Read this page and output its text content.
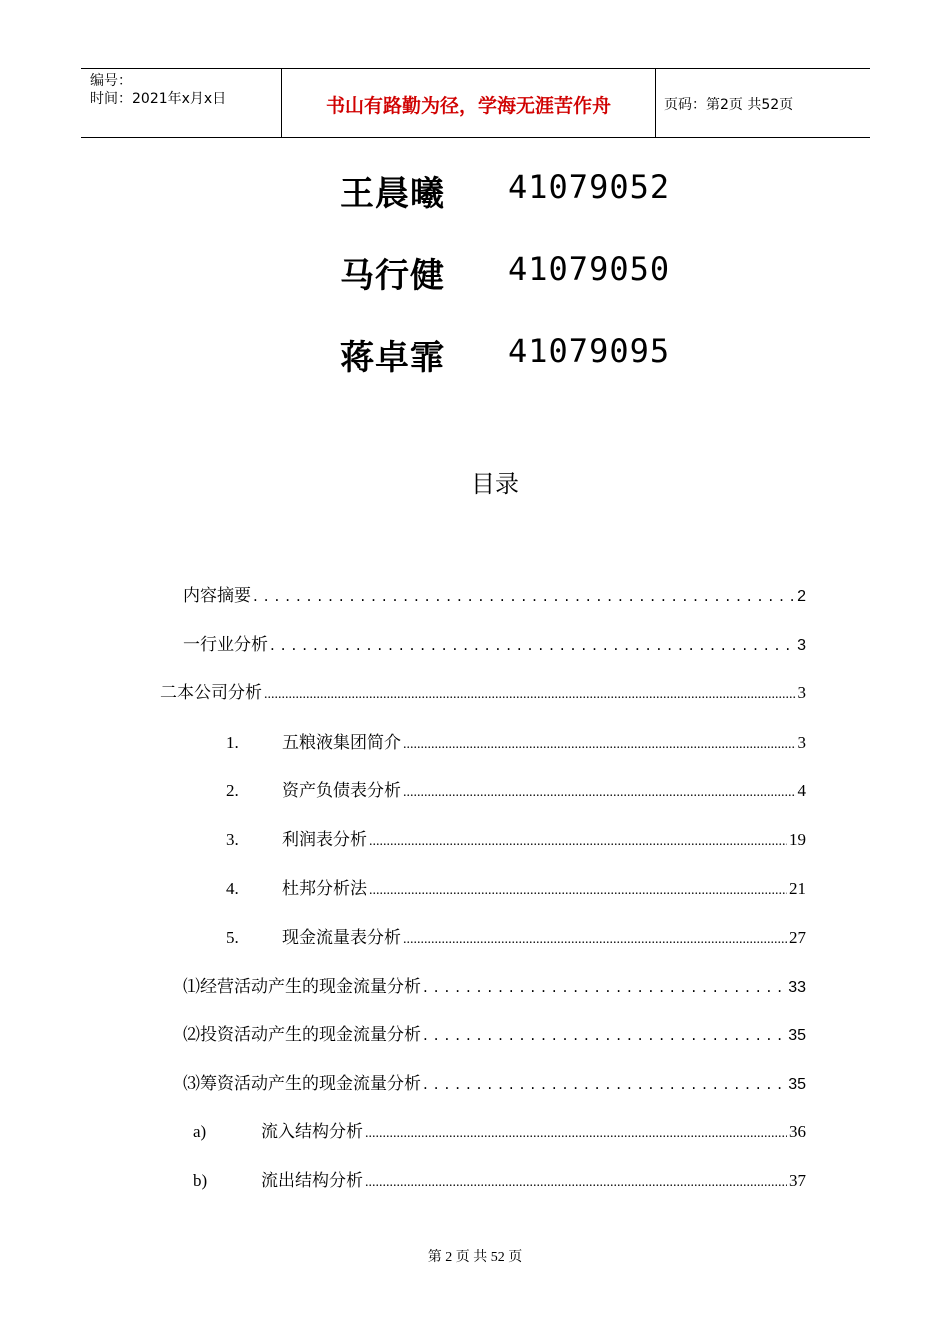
编号：
时间：2021年x月x日	书山有路勤为径，学海无涯苦作舟	页码：第2页 共52页
王晨曦 41079052
马行健 41079050
蒋卓霏 41079095
目录
内容摘要 . . .	2
一行业分析 . . .	3
二本公司分析 .....	3
1.	五粮液集团简介 .....	3
2.	资产负债表分析 .....	4
3.	利润表分析 .....	19
4.	杜邦分析法 .....	21
5.	现金流量表分析 .....	27
⑴经营活动产生的现金流量分析 . . .	33
⑵投资活动产生的现金流量分析 . . .	35
⑶筹资活动产生的现金流量分析 . . .	35
a)	流入结构分析 .....	36
b)	流出结构分析 .....	37
第 2 页 共 52 页
